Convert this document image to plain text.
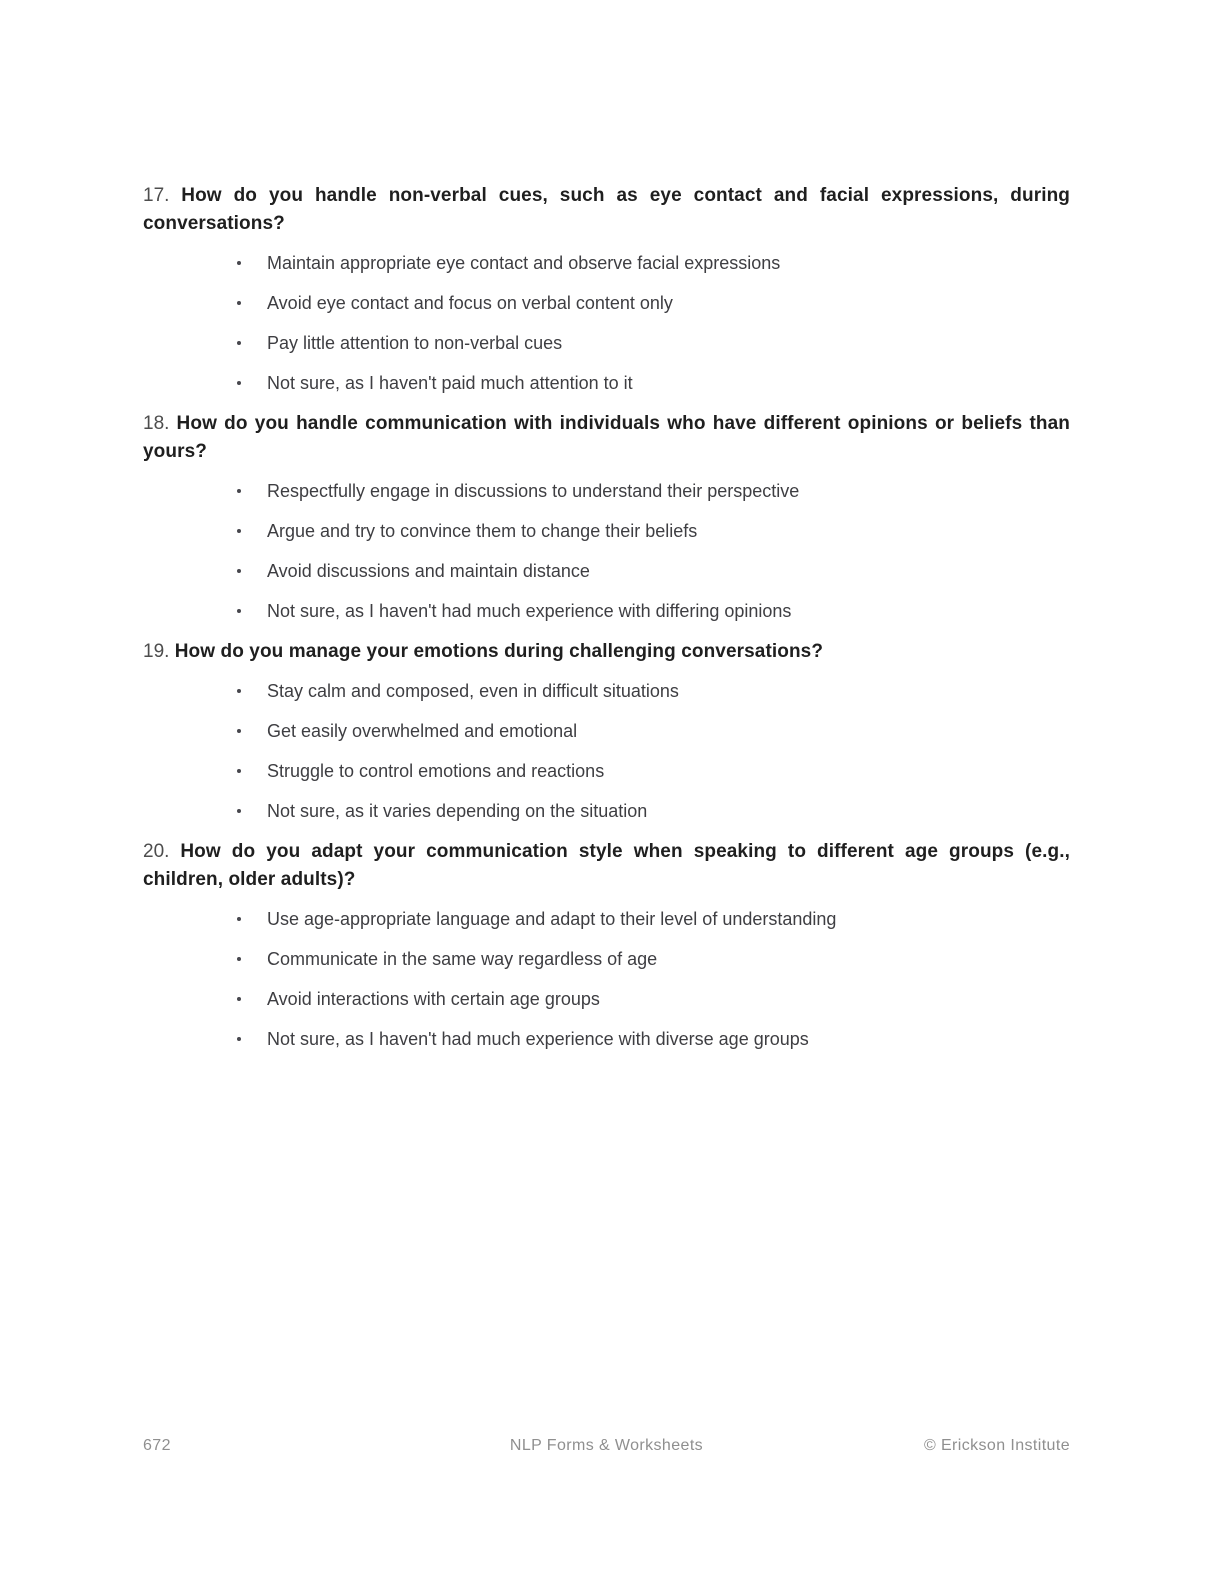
17. How do you handle non-verbal cues, such as eye contact and facial expressions, during conversations?

Maintain appropriate eye contact and observe facial expressions
Avoid eye contact and focus on verbal content only
Pay little attention to non-verbal cues
Not sure, as I haven't paid much attention to it

18. How do you handle communication with individuals who have different opinions or beliefs than yours?

Respectfully engage in discussions to understand their perspective
Argue and try to convince them to change their beliefs
Avoid discussions and maintain distance
Not sure, as I haven't had much experience with differing opinions

19. How do you manage your emotions during challenging conversations?

Stay calm and composed, even in difficult situations
Get easily overwhelmed and emotional
Struggle to control emotions and reactions
Not sure, as it varies depending on the situation

20. How do you adapt your communication style when speaking to different age groups (e.g., children, older adults)?

Use age-appropriate language and adapt to their level of understanding
Communicate in the same way regardless of age
Avoid interactions with certain age groups
Not sure, as I haven't had much experience with diverse age groups
672	NLP Forms & Worksheets	© Erickson Institute
